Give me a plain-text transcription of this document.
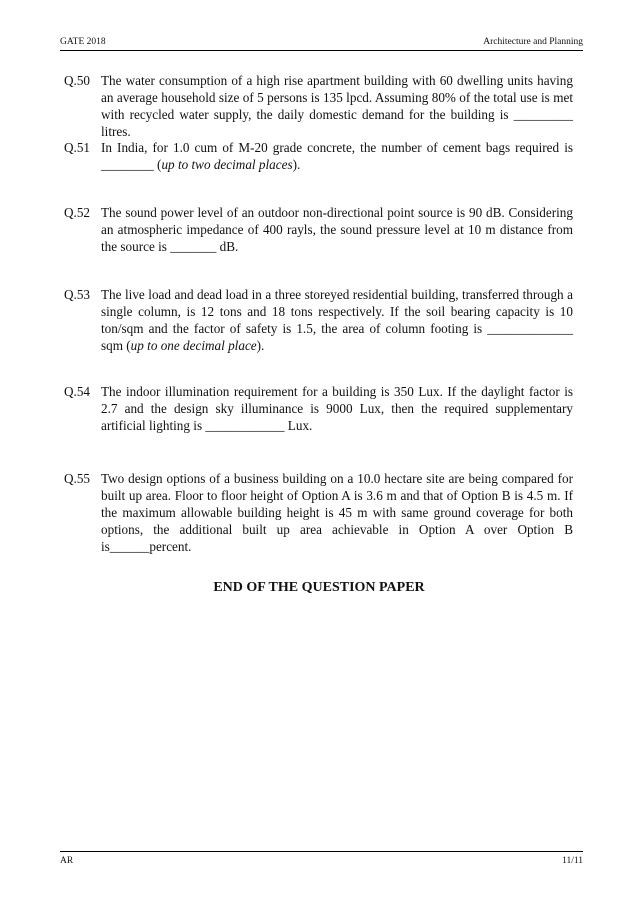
GATE 2018	Architecture and Planning
Q.50 The water consumption of a high rise apartment building with 60 dwelling units having an average household size of 5 persons is 135 lpcd. Assuming 80% of the total use is met with recycled water supply, the daily domestic demand for the building is _________ litres.
Q.51 In India, for 1.0 cum of M-20 grade concrete, the number of cement bags required is ________ (up to two decimal places).
Q.52 The sound power level of an outdoor non-directional point source is 90 dB. Considering an atmospheric impedance of 400 rayls, the sound pressure level at 10 m distance from the source is _______ dB.
Q.53 The live load and dead load in a three storeyed residential building, transferred through a single column, is 12 tons and 18 tons respectively. If the soil bearing capacity is 10 ton/sqm and the factor of safety is 1.5, the area of column footing is _____________ sqm (up to one decimal place).
Q.54 The indoor illumination requirement for a building is 350 Lux. If the daylight factor is 2.7 and the design sky illuminance is 9000 Lux, then the required supplementary artificial lighting is ____________ Lux.
Q.55 Two design options of a business building on a 10.0 hectare site are being compared for built up area. Floor to floor height of Option A is 3.6 m and that of Option B is 4.5 m. If the maximum allowable building height is 45 m with same ground coverage for both options, the additional built up area achievable in Option A over Option B is______percent.
END OF THE QUESTION PAPER
AR	11/11
